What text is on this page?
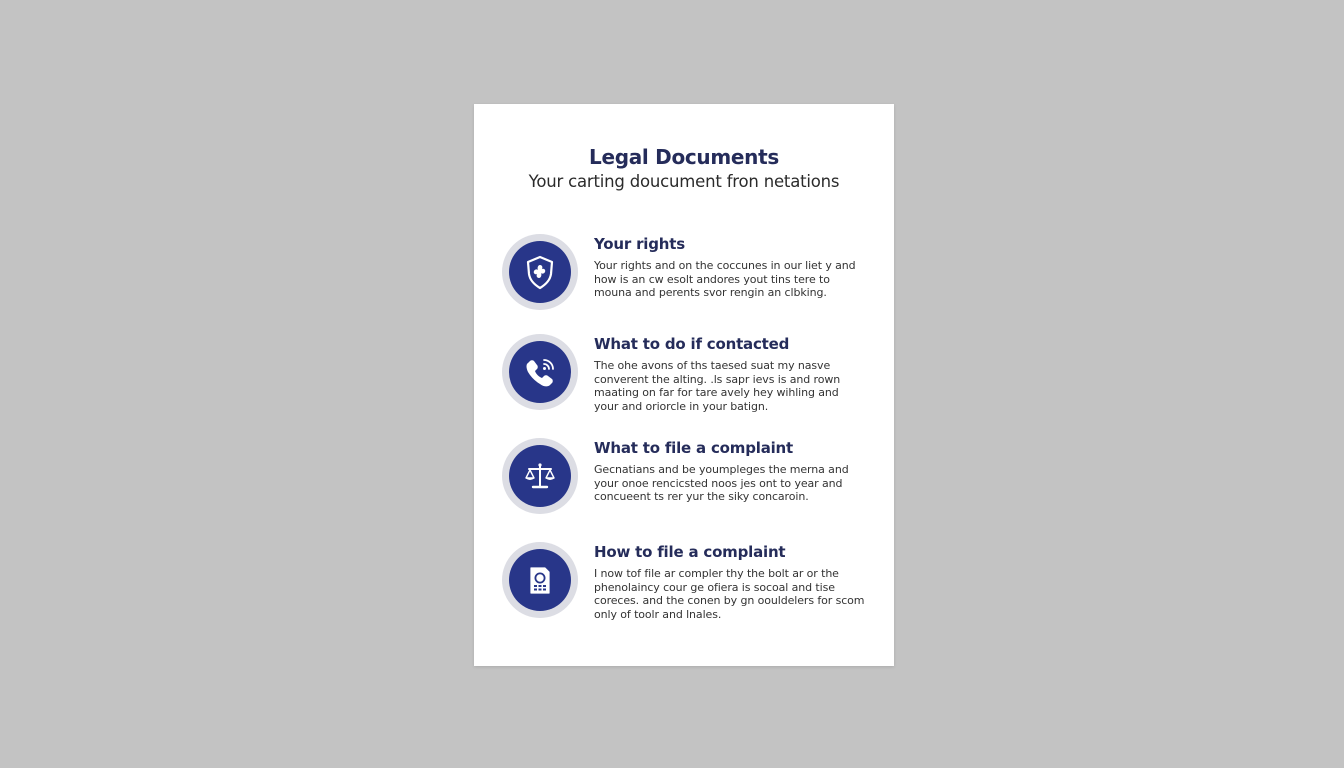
Legal Documents
Your carting doucument fron netations
Your rights
Your rights and on the coccunes in our liet y and
how is an cw esolt andores yout tins tere to
mouna and perents svor rengin an clbking.
What to do if contacted
The ohe avons of ths taesed suat my nasve
converent the alting. .ls sapr ievs is and rown
maating on far for tare avely hey wihling and
your and oriorcle in your batign.
What to file a complaint
Gecnatians and be youmpleges the merna and
your onoe rencicsted noos jes ont to year and
concueent ts rer yur the siky concaroin.
How to file a complaint
I now tof file ar compler thy the bolt ar or the
phenolaincy cour ge ofiera is socoal and tise
coreces. and the conen by gn oouldelers for scom
only of toolr and lnales.
